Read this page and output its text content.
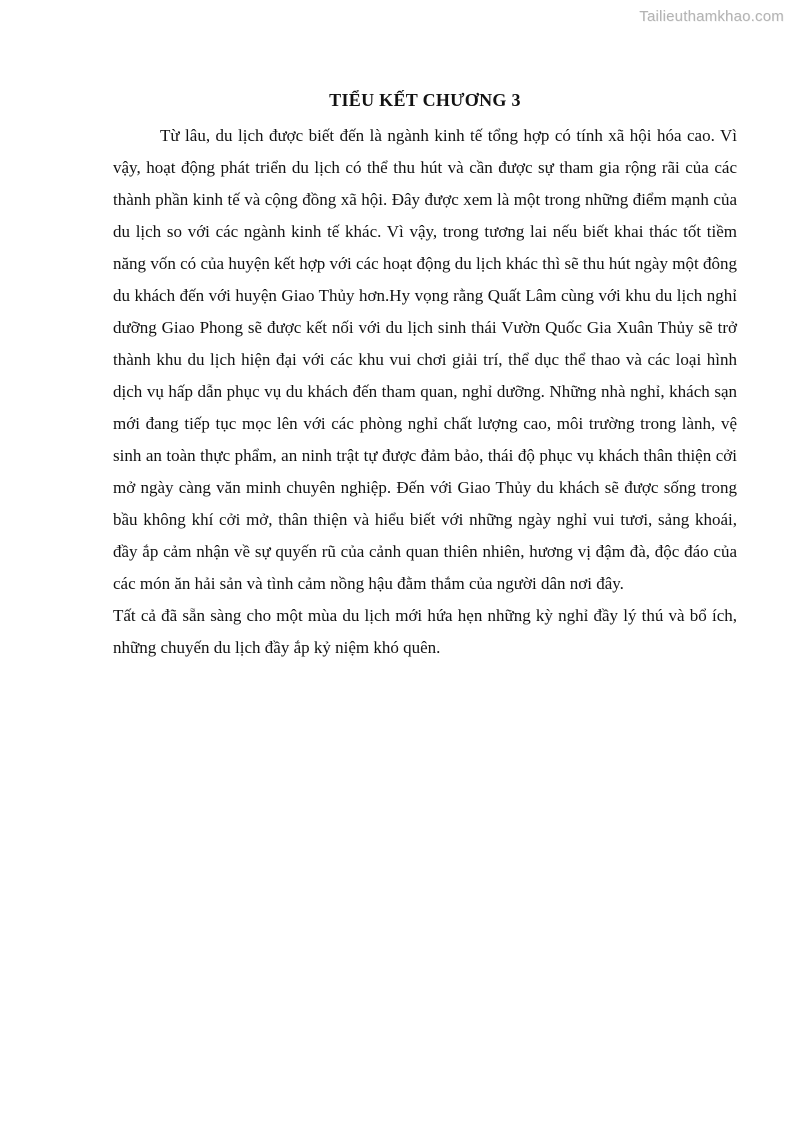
Tailieuthamkhao.com
TIỂU KẾT CHƯƠNG 3

Từ lâu, du lịch được biết đến là ngành kinh tế tổng hợp có tính xã hội hóa cao. Vì vậy, hoạt động phát triển du lịch có thể thu hút và cần được sự tham gia rộng rãi của các thành phần kinh tế và cộng đồng xã hội. Đây được xem là một trong những điểm mạnh của du lịch so với các ngành kinh tế khác. Vì vậy, trong tương lai nếu biết khai thác tốt tiềm năng vốn có của huyện kết hợp với các hoạt động du lịch khác thì sẽ thu hút ngày một đông du khách đến với huyện Giao Thủy hơn.Hy vọng rằng Quất Lâm cùng với khu du lịch nghỉ dưỡng Giao Phong sẽ được kết nối với du lịch sinh thái Vườn Quốc Gia Xuân Thủy sẽ trở thành khu du lịch hiện đại với các khu vui chơi giải trí, thể dục thể thao và các loại hình dịch vụ hấp dẫn phục vụ du khách đến tham quan, nghỉ dưỡng. Những nhà nghỉ, khách sạn mới đang tiếp tục mọc lên với các phòng nghỉ chất lượng cao, môi trường trong lành, vệ sinh an toàn thực phẩm, an ninh trật tự được đảm bảo, thái độ phục vụ khách thân thiện cởi mở ngày càng văn minh chuyên nghiệp. Đến với Giao Thủy du khách sẽ được sống trong bầu không khí cởi mở, thân thiện và hiểu biết với những ngày nghỉ vui tươi, sảng khoái, đầy ắp cảm nhận về sự quyến rũ của cảnh quan thiên nhiên, hương vị đậm đà, độc đáo của các món ăn hải sản và tình cảm nồng hậu đằm thắm của người dân nơi đây.

Tất cả đã sẵn sàng cho một mùa du lịch mới hứa hẹn những kỳ nghỉ đầy lý thú và bổ ích, những chuyến du lịch đầy ắp kỷ niệm khó quên.
